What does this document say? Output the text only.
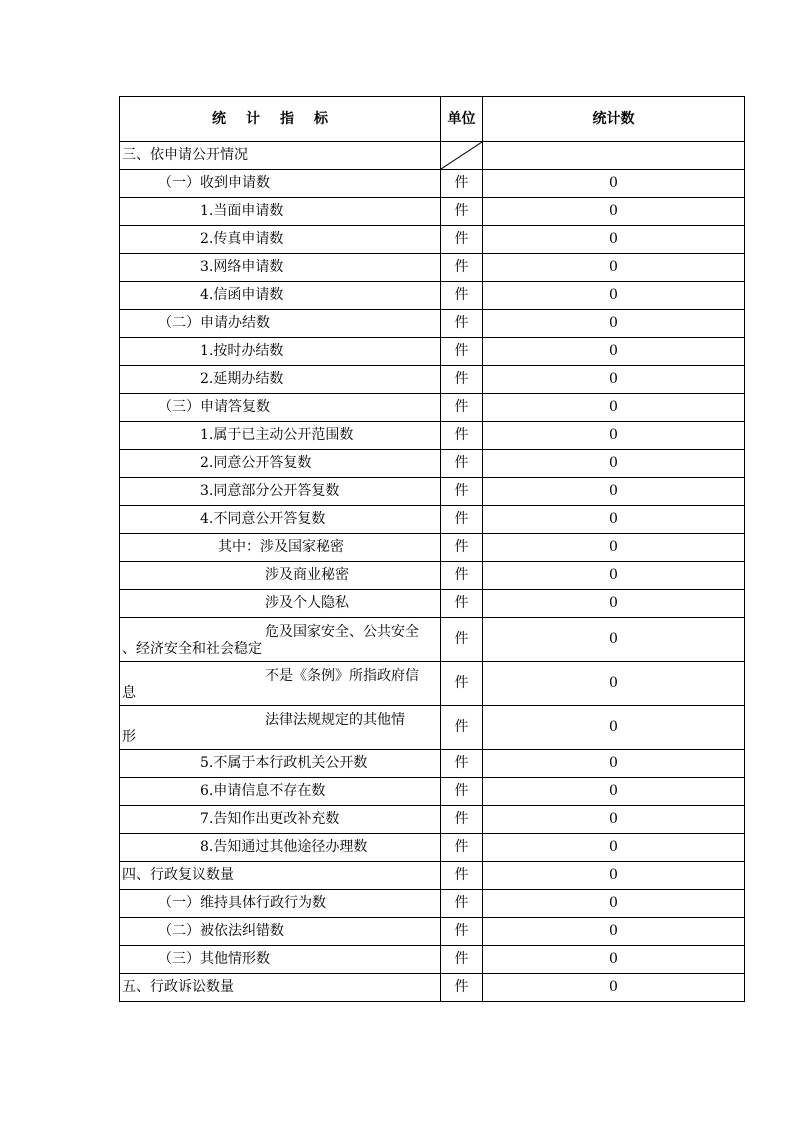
统计指标	单位	统计数
三、依申请公开情况	

（一）收到申请数	件	0
1.当面申请数	件	0
2.传真申请数	件	0
3.网络申请数	件	0
4.信函申请数	件	0
（二）申请办结数	件	0
1.按时办结数	件	0
2.延期办结数	件	0
（三）申请答复数	件	0
1.属于已主动公开范围数	件	0
2.同意公开答复数	件	0
3.同意部分公开答复数	件	0
4.不同意公开答复数	件	0
其中：涉及国家秘密	件	0
涉及商业秘密	件	0
涉及个人隐私	件	0

危及国家安全、公共安全
、经济安全和社会稳定	件	0

不是《条例》所指政府信
息	件	0

法律法规规定的其他情
形	件	0
5.不属于本行政机关公开数	件	0
6.申请信息不存在数	件	0
7.告知作出更改补充数	件	0
8.告知通过其他途径办理数	件	0
四、行政复议数量	件	0
（一）维持具体行政行为数	件	0
（二）被依法纠错数	件	0
（三）其他情形数	件	0
五、行政诉讼数量	件	0
